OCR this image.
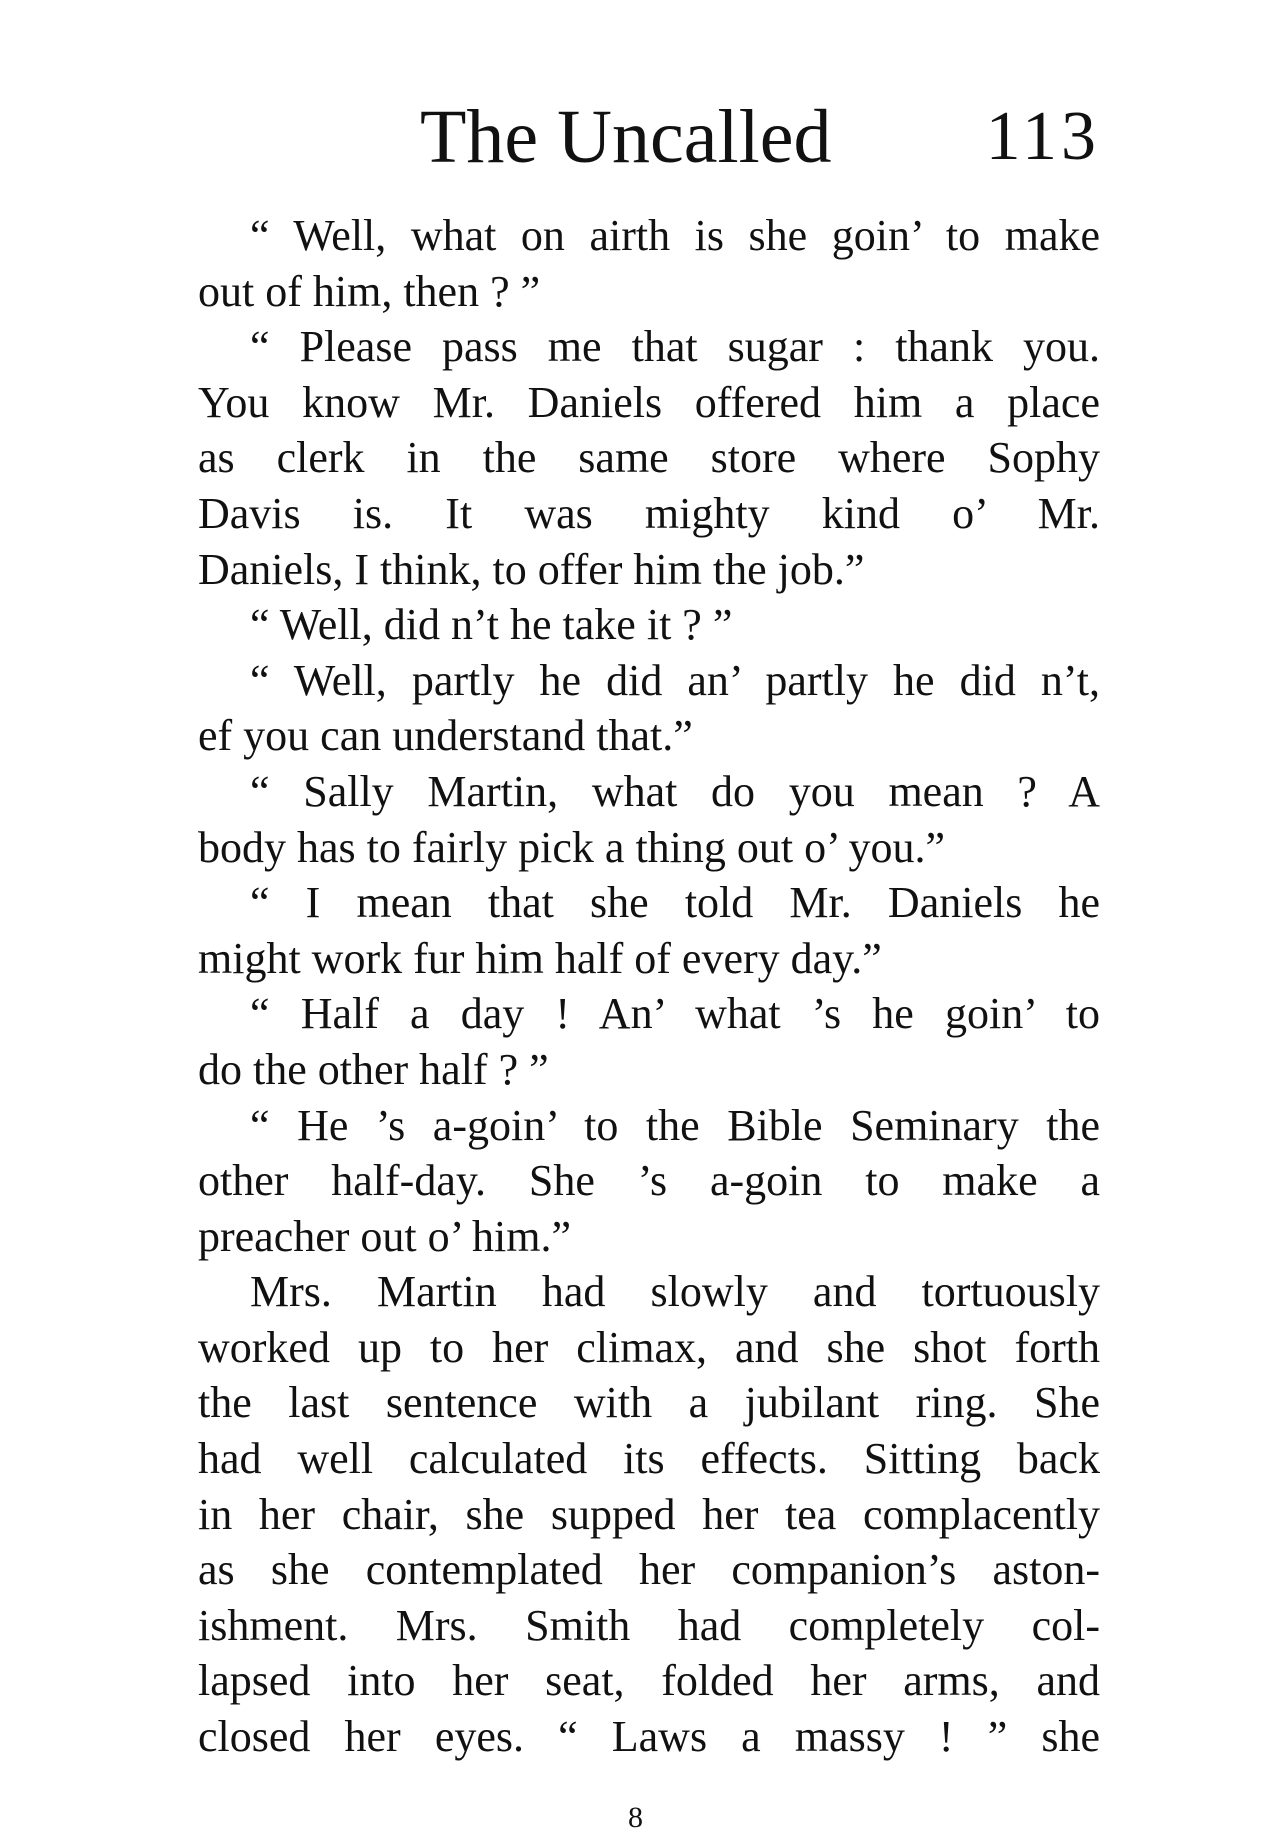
The Uncalled 113
“ Well, what on airth is she goin’ to make
out of him, then ? ”
“ Please pass me that sugar : thank you.
You know Mr. Daniels offered him a place
as clerk in the same store where Sophy
Davis is. It was mighty kind o’ Mr.
Daniels, I think, to offer him the job.”
“ Well, did n’t he take it ? ”
“ Well, partly he did an’ partly he did n’t,
ef you can understand that.”
“ Sally Martin, what do you mean ? A
body has to fairly pick a thing out o’ you.”
“ I mean that she told Mr. Daniels he
might work fur him half of every day.”
“ Half a day ! An’ what ’s he goin’ to
do the other half ? ”
“ He ’s a-goin’ to the Bible Seminary the
other half-day. She ’s a-goin to make a
preacher out o’ him.”
Mrs. Martin had slowly and tortuously
worked up to her climax, and she shot forth
the last sentence with a jubilant ring. She
had well calculated its effects. Sitting back
in her chair, she supped her tea complacently
as she contemplated her companion’s aston-
ishment. Mrs. Smith had completely col-
lapsed into her seat, folded her arms, and
closed her eyes. “ Laws a massy ! ” she
8
